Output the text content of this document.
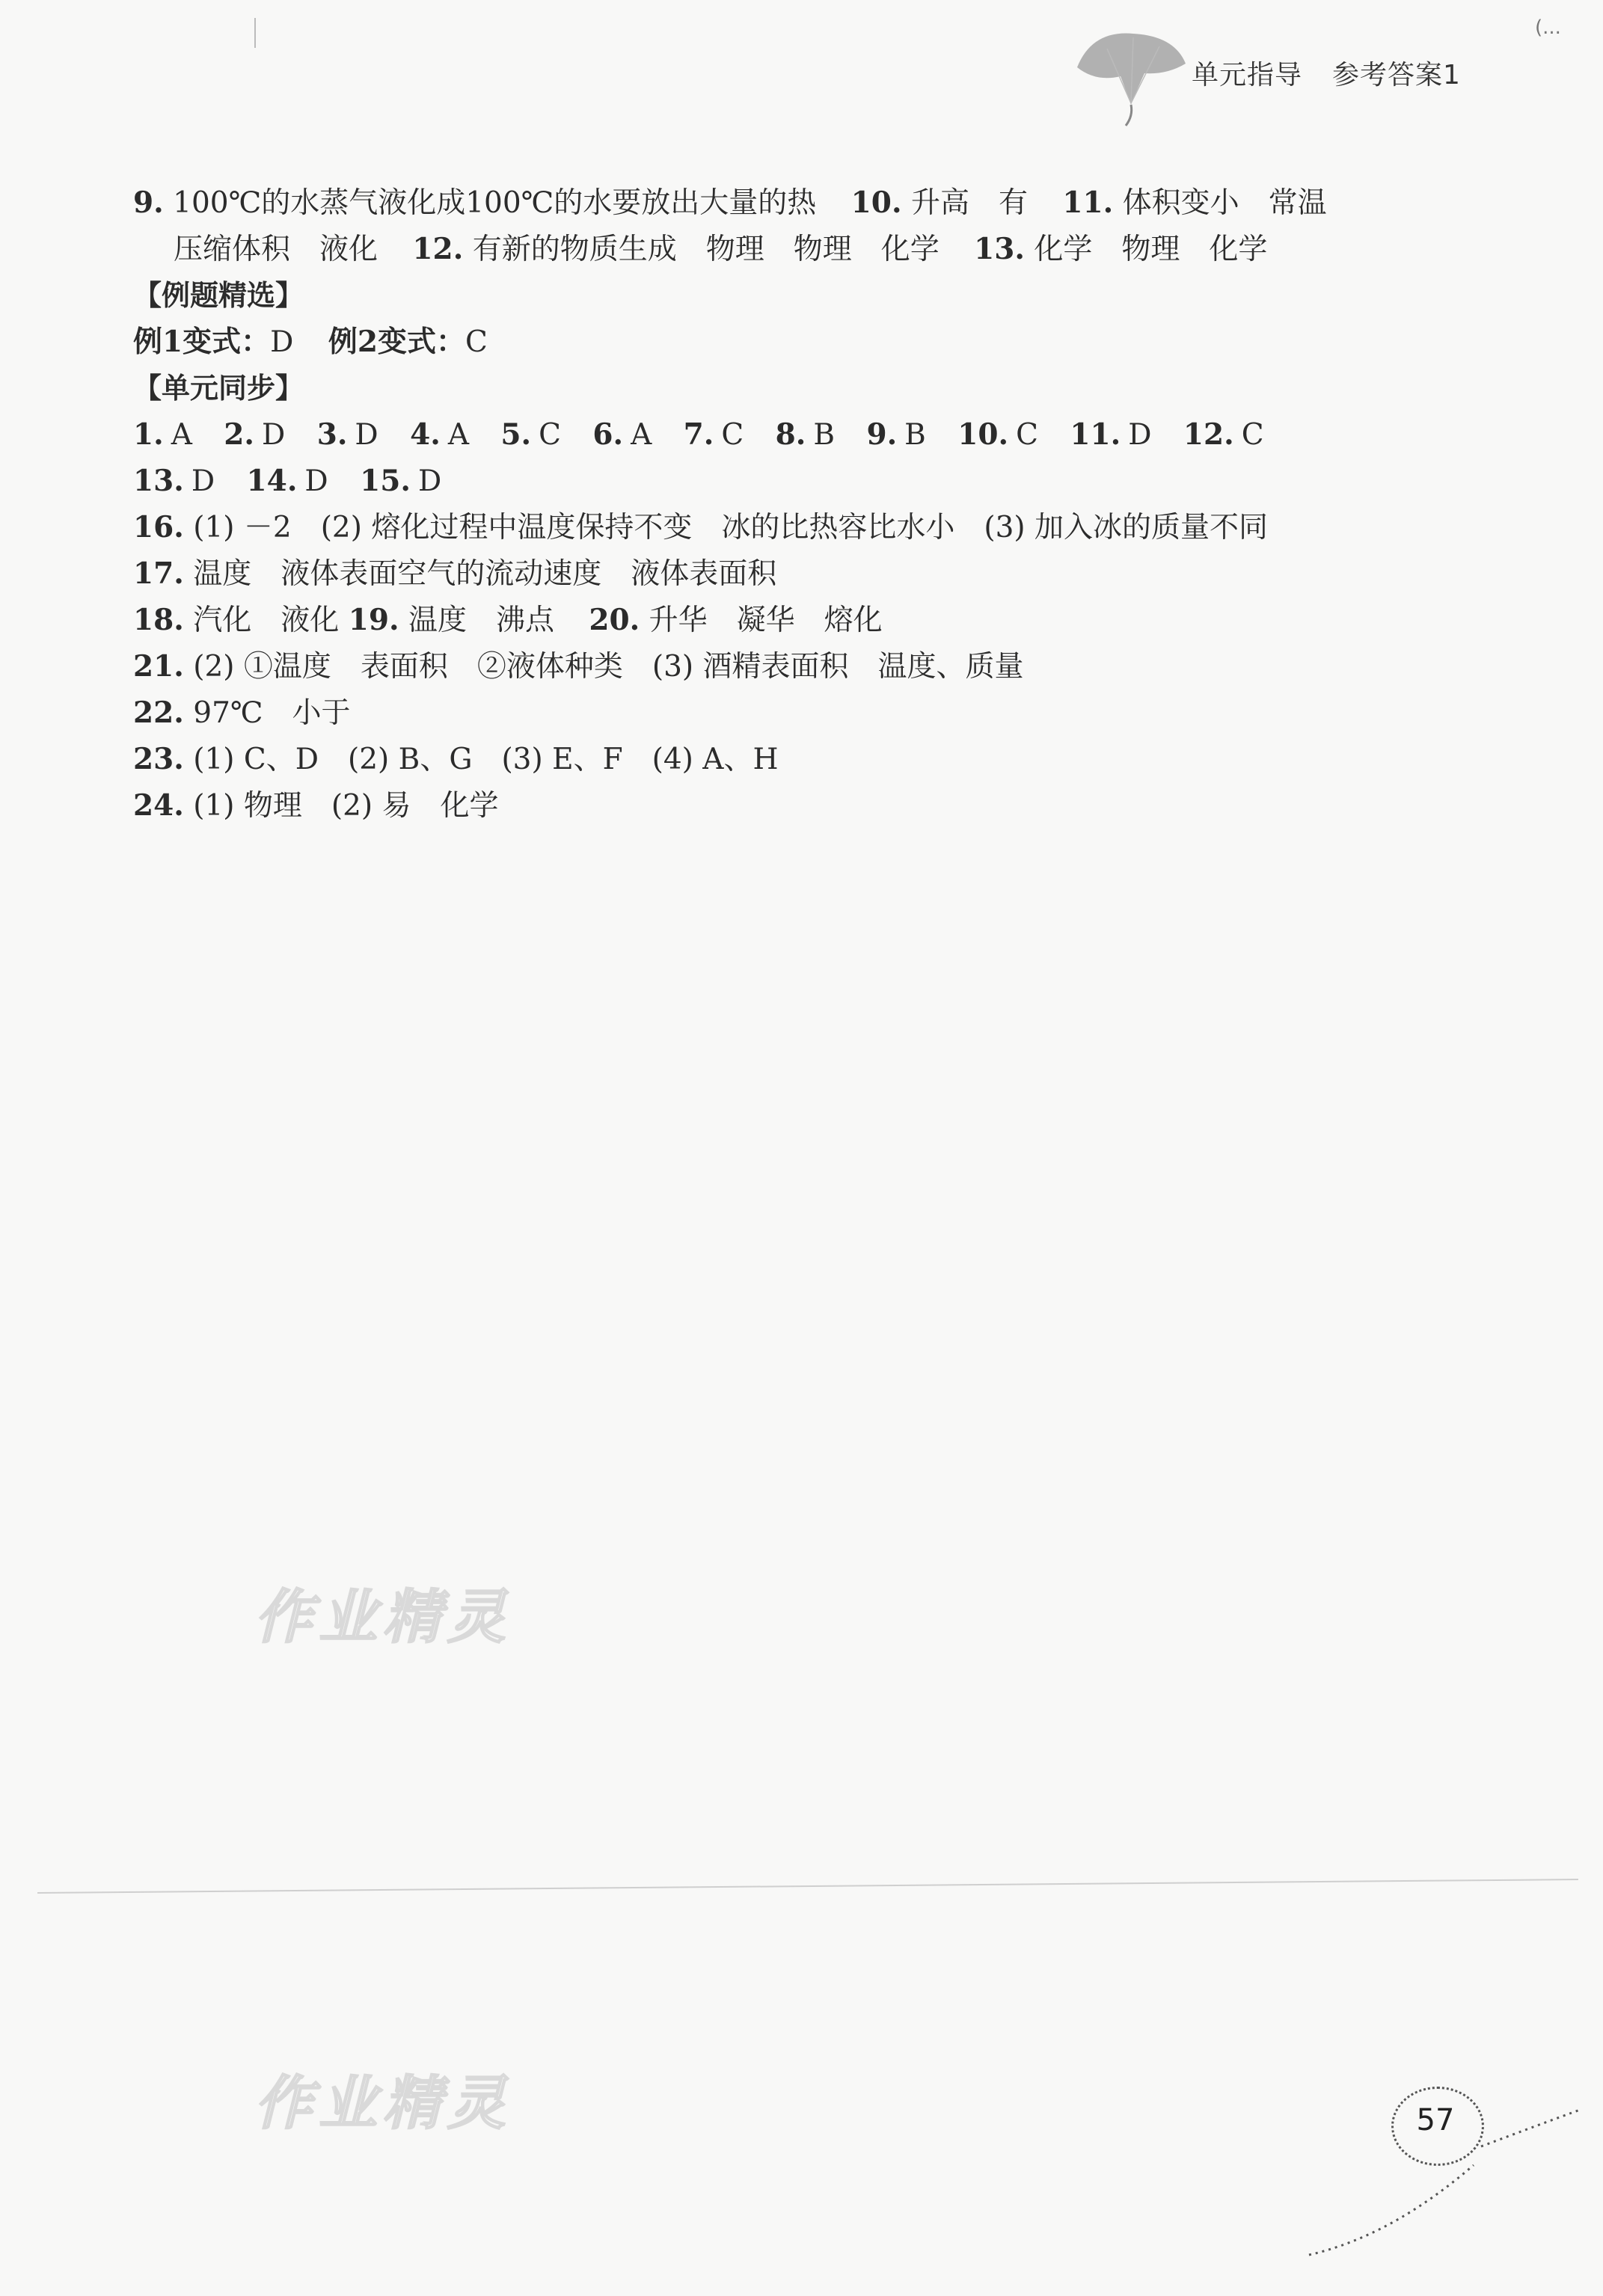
单元指导 参考答案1
(...
9. 100℃的水蒸气液化成100℃的水要放出大量的热 10. 升高　有 11. 体积变小　常温
压缩体积　液化 12. 有新的物质生成　物理　物理　化学 13. 化学　物理　化学
【例题精选】
例1变式：D 例2变式：C
【单元同步】
1. A 2. D 3. D 4. A 5. C 6. A 7. C 8. B 9. B 10. C 11. D 12. C
13. D 14. D 15. D
16. (1) －2　(2) 熔化过程中温度保持不变　冰的比热容比水小　(3) 加入冰的质量不同
17. 温度　液体表面空气的流动速度　液体表面积
18. 汽化　液化 19. 温度　沸点 20. 升华　凝华　熔化
21. (2) ①温度　表面积　②液体种类　(3) 酒精表面积　温度、质量
22. 97℃　小于
23. (1) C、D　(2) B、G　(3) E、F　(4) A、H
24. (1) 物理　(2) 易　化学
作业精灵
作业精灵	57
